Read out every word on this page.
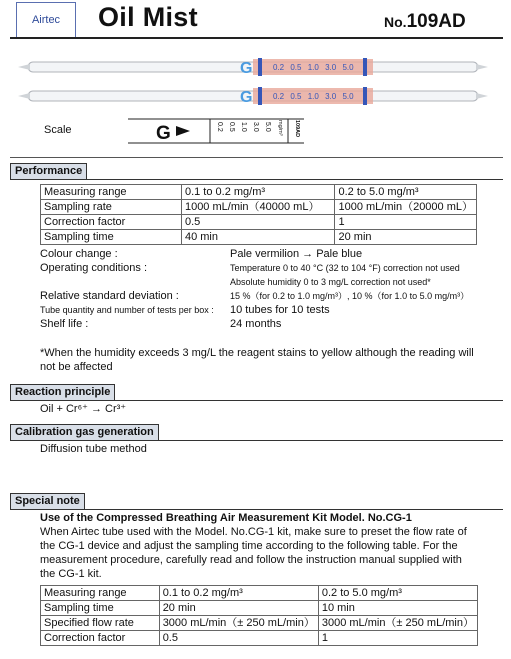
Airtec	Oil Mist	No.109AD
G	0.2 0.5 1.0 3.0 5.0
G	0.2 0.5 1.0 3.0 5.0
Scale	G	0.2 0.5 1.0 3.0 5.0 mg/m³ 109AD
Performance
Measuring range	0.1 to 0.2 mg/m³	0.2 to 5.0 mg/m³
Sampling rate	1000 mL/min（40000 mL）	1000 mL/min（20000 mL）
Correction factor	0.5	1
Sampling time	40 min	20 min
Colour change :	Pale vermilion → Pale blue
Operating conditions :	Temperature 0 to 40 °C (32 to 104 °F) correction not used
Absolute humidity 0 to 3 mg/L correction not used*
Relative standard deviation :	15 %（for 0.2 to 1.0 mg/m³）, 10 %（for 1.0 to 5.0 mg/m³）
Tube quantity and number of tests per box :	10 tubes for 10 tests
Shelf life :	24 months
*When the humidity exceeds 3 mg/L the reagent stains to yellow although the reading will not be affected
Reaction principle
Oil + Cr⁶⁺ → Cr³⁺
Calibration gas generation
Diffusion tube method
Special note
Use of the Compressed Breathing Air Measurement Kit Model. No.CG-1
When Airtec tube used with the Model. No.CG-1 kit, make sure to preset the flow rate of the CG-1 device and adjust the sampling time according to the following table. For the measurement procedure, carefully read and follow the instruction manual supplied with the CG-1 kit.
Measuring range	0.1 to 0.2 mg/m³	0.2 to 5.0 mg/m³
Sampling time	20 min	10 min
Specified flow rate	3000 mL/min（± 250 mL/min）	3000 mL/min（± 250 mL/min）
Correction factor	0.5	1
